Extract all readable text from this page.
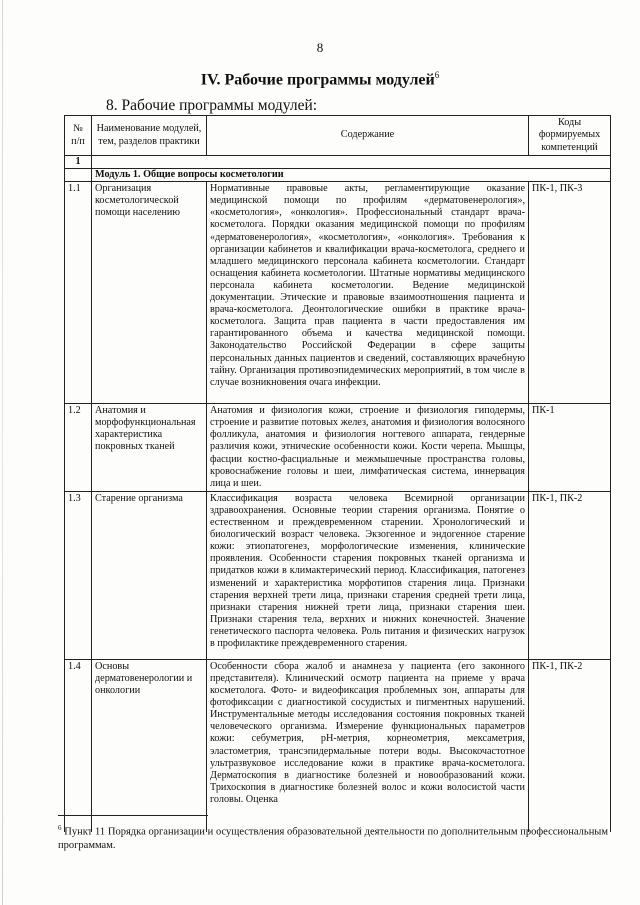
8
IV. Рабочие программы модулей$^6$
8. Рабочие программы модулей:
№ п/п	Наименование модулей, тем, разделов практики	Содержание	Коды формируемых компетенций
1			
	Модуль 1. Общие вопросы косметологии		
1.1	Организация косметологической помощи населению	Нормативные правовые акты, регламентирующие оказание медицинской помощи по профилям «дерматовенерология», «косметология», «онкология». Профессиональный стандарт врача-косметолога. Порядки оказания медицинской помощи по профилям «дерматовенерология», «косметология», «онкология». Требования к организации кабинетов и квалификации врача-косметолога, среднего и младшего медицинского персонала кабинета косметологии. Стандарт оснащения кабинета косметологии. Штатные нормативы медицинского персонала кабинета косметологии. Ведение медицинской документации. Этические и правовые взаимоотношения пациента и врача-косметолога. Деонтологические ошибки в практике врача-косметолога. Защита прав пациента в части предоставления им гарантированного объема и качества медицинской помощи. Законодательство Российской Федерации в сфере защиты персональных данных пациентов и сведений, составляющих врачебную тайну. Организация противоэпидемических мероприятий, в том числе в случае возникновения очага инфекции.	ПК-1, ПК-3
1.2	Анатомия и морфофункциональная характеристика покровных тканей	Анатомия и физиология кожи, строение и физиология гиподермы, строение и развитие потовых желез, анатомия и физиология волосяного фолликула, анатомия и физиология ногтевого аппарата, гендерные различия кожи, этнические особенности кожи. Кости черепа. Мышцы, фасции костно-фасциальные и межмышечные пространства головы, кровоснабжение головы и шеи, лимфатическая система, иннервация лица и шеи.	ПК-1
1.3	Старение организма	Классификация возраста человека Всемирной организации здравоохранения. Основные теории старения организма. Понятие о естественном и преждевременном старении. Хронологический и биологический возраст человека. Экзогенное и эндогенное старение кожи: этиопатогенез, морфологические изменения, клинические проявления. Особенности старения покровных тканей организма и придатков кожи в климактерический период. Классификация, патогенез изменений и характеристика морфотипов старения лица. Признаки старения верхней трети лица, признаки старения средней трети лица, признаки старения нижней трети лица, признаки старения шеи. Признаки старения тела, верхних и нижних конечностей. Значение генетического паспорта человека. Роль питания и физических нагрузок в профилактике преждевременного старения.	ПК-1, ПК-2
1.4	Основы дерматовенерологии и онкологии	Особенности сбора жалоб и анамнеза у пациента (его законного представителя). Клинический осмотр пациента на приеме у врача косметолога. Фото- и видеофиксация проблемных зон, аппараты для фотофиксации с диагностикой сосудистых и пигментных нарушений. Инструментальные методы исследования состояния покровных тканей человеческого организма. Измерение функциональных параметров кожи: себуметрия, pH-метрия, корнеометрия, мексаметрия, эластометрия, трансэпидермальные потери воды. Высокочастотное ультразвуковое исследование кожи в практике врача-косметолога. Дерматоскопия в диагностике болезней и новообразований кожи. Трихоскопия в диагностике болезней волос и кожи волосистой части головы. Оценка	ПК-1, ПК-2
$^6$ Пункт 11 Порядка организации и осуществления образовательной деятельности по дополнительным профессиональным программам.
